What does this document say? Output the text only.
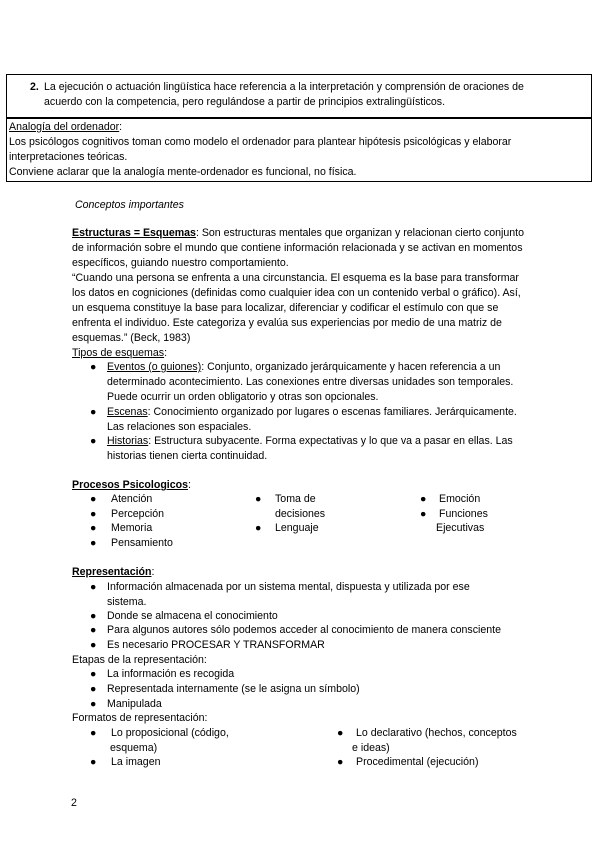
2. La ejecución o actuación lingüística hace referencia a la interpretación y comprensión de oraciones de acuerdo con la competencia, pero regulándose a partir de principios extralingüísticos.
Analogía del ordenador:
Los psicólogos cognitivos toman como modelo el ordenador para plantear hipótesis psicológicas y elaborar interpretaciones teóricas.
Conviene aclarar que la analogía mente-ordenador es funcional, no física.
Conceptos importantes
Estructuras = Esquemas: Son estructuras mentales que organizan y relacionan cierto conjunto de información sobre el mundo que contiene información relacionada y se activan en momentos específicos, guiando nuestro comportamiento.
“Cuando una persona se enfrenta a una circunstancia. El esquema es la base para transformar los datos en cogniciones (definidas como cualquier idea con un contenido verbal o gráfico). Así, un esquema constituye la base para localizar, diferenciar y codificar el estímulo con que se enfrenta el individuo. Este categoriza y evalúa sus experiencias por medio de una matriz de esquemas.” (Beck, 1983)
Tipos de esquemas:
● Eventos (o guiones): Conjunto, organizado jerárquicamente y hacen referencia a un determinado acontecimiento. Las conexiones entre diversas unidades son temporales. Puede ocurrir un orden obligatorio y otras son opcionales.
● Escenas: Conocimiento organizado por lugares o escenas familiares. Jerárquicamente. Las relaciones son espaciales.
● Historias: Estructura subyacente. Forma expectativas y lo que va a pasar en ellas. Las historias tienen cierta continuidad.
Procesos Psicologicos:
● Atención
● Percepción
● Memoria
● Pensamiento
● Toma de
decisiones
● Lenguaje
● Emoción
● Funciones
Ejecutivas
Representación:
● Información almacenada por un sistema mental, dispuesta y utilizada por ese sistema.
● Donde se almacena el conocimiento
● Para algunos autores sólo podemos acceder al conocimiento de manera consciente
● Es necesario PROCESAR Y TRANSFORMAR
Etapas de la representación:
● La información es recogida
● Representada internamente (se le asigna un símbolo)
● Manipulada
Formatos de representación:
● Lo proposicional (código,
esquema)
● La imagen
● Lo declarativo (hechos, conceptos
e ideas)
● Procedimental (ejecución)
2
